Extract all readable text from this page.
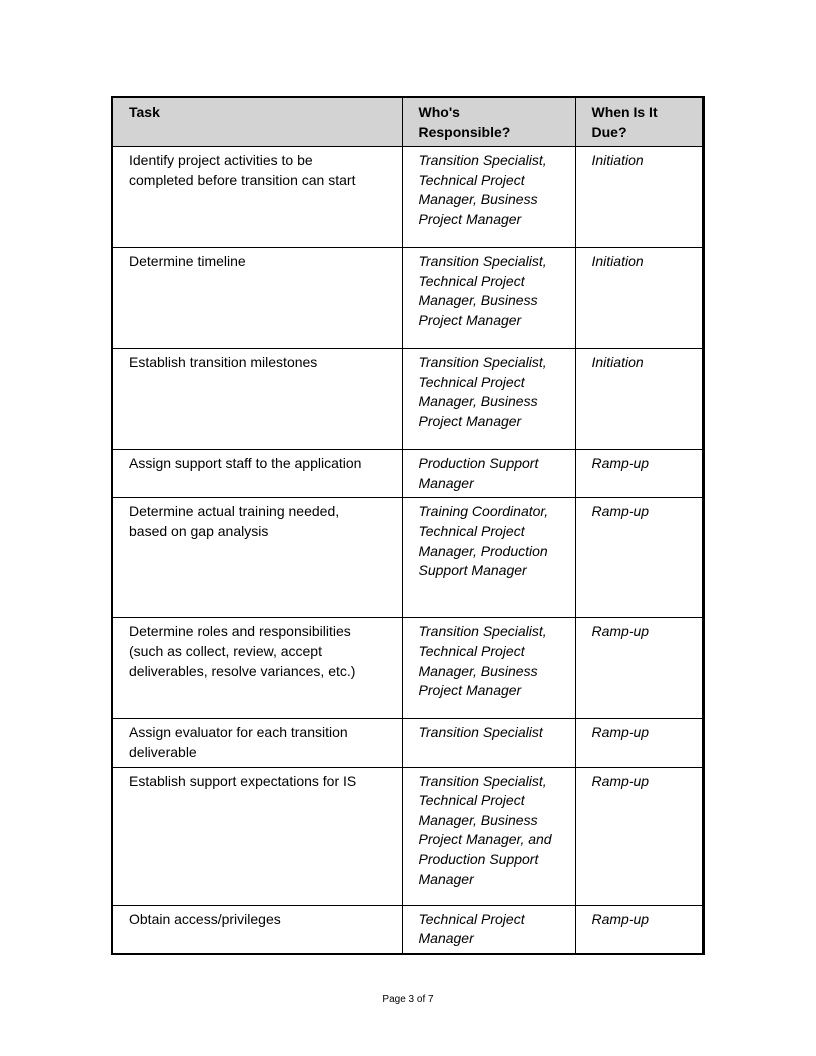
Task	Who's Responsible?	When Is It Due?
Identify project activities to be completed before transition can start	Transition Specialist, Technical Project Manager, Business Project Manager	Initiation
Determine timeline	Transition Specialist, Technical Project Manager, Business Project Manager	Initiation
Establish transition milestones	Transition Specialist, Technical Project Manager, Business Project Manager	Initiation
Assign support staff to the application	Production Support Manager	Ramp-up
Determine actual training needed, based on gap analysis	Training Coordinator, Technical Project Manager, Production Support Manager	Ramp-up
Determine roles and responsibilities (such as collect, review, accept deliverables, resolve variances, etc.)	Transition Specialist, Technical Project Manager, Business Project Manager	Ramp-up
Assign evaluator for each transition deliverable	Transition Specialist	Ramp-up
Establish support expectations for IS	Transition Specialist, Technical Project Manager, Business Project Manager, and Production Support Manager	Ramp-up
Obtain access/privileges	Technical Project Manager	Ramp-up
Page 3 of 7
